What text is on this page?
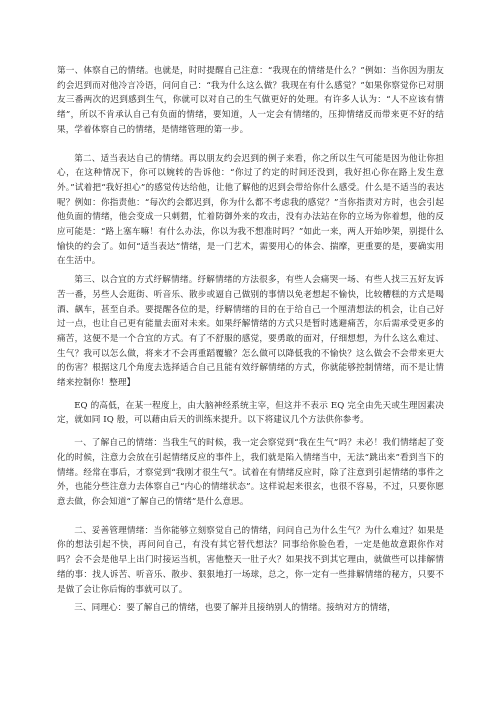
第一、体察自己的情绪。也就是，时时提醒自己注意：“我现在的情绪是什么？”例如：当你因为朋友约会迟到而对他冷言冷语，问问自己：“我为什么这么做？我现在有什么感觉？”如果你察觉你已对朋友三番两次的迟到感到生气，你就可以对自己的生气做更好的处理。有许多人认为：“人不应该有情绪”，所以不肯承认自己有负面的情绪，要知道，人一定会有情绪的，压抑情绪反而带来更不好的结果，学着体察自己的情绪，是情绪管理的第一步。

第二、适当表达自己的情绪。再以朋友约会迟到的例子来看，你之所以生气可能是因为他让你担心，在这种情况下，你可以婉转的告诉他：“你过了约定的时间还没到，我好担心你在路上发生意外。”试着把“我好担心”的感觉传达给他，让他了解他的迟到会带给你什么感受。什么是不适当的表达呢？例如：你指责他：“每次约会都迟到，你为什么都不考虑我的感觉？”当你指责对方时，也会引起他负面的情绪，他会变成一只刺猬，忙着防御外来的攻击，没有办法站在你的立场为你着想，他的反应可能是：“路上塞车嘛！有什么办法，你以为我不想准时吗？”如此一来，两人开始吵架，别提什么愉快的约会了。如何“适当表达”情绪，是一门艺术，需要用心的体会、揣摩，更重要的是，要确实用在生活中。

第三、以合宜的方式纾解情绪。纾解情绪的方法很多，有些人会痛哭一场、有些人找三五好友诉苦一番，另些人会逛街、听音乐、散步或逼自己做别的事情以免老想起不愉快，比较糟糕的方式是喝酒、飙车，甚至自杀。要提醒各位的是，纾解情绪的目的在于给自己一个厘清想法的机会，让自己好过一点，也让自己更有能量去面对未来。如果纾解情绪的方式只是暂时逃避痛苦，尔后需承受更多的痛苦，这便不是一个合宜的方式。有了不舒服的感觉，要勇敢的面对，仔细想想，为什么这么难过、生气？我可以怎么做，将来才不会再重蹈覆辙？怎么做可以降低我的不愉快？这么做会不会带来更大的伤害？根据这几个角度去选择适合自己且能有效纾解情绪的方式，你就能够控制情绪，而不是让情绪来控制你！整理】

EQ 的高低，在某一程度上，由大脑神经系统主宰，但这并不表示 EQ 完全由先天或生理因素决定，就如同 IQ 般，可以藉由后天的训练来提升。以下将建议几个方法供你参考。

一、了解自己的情绪：当我生气的时候，我一定会察觉到“我在生气”吗？未必！我们情绪起了变化的时候，注意力会放在引起情绪反应的事件上，我们就是陷入情绪当中，无法“跳出来”看到当下的情绪。经常在事后，才察觉到“我刚才很生气”。试着在有情绪反应时，除了注意到引起情绪的事件之外，也能分些注意力去体察自己“内心的情绪状态”。这样说起来很玄，也很不容易，不过，只要你愿意去做，你会知道“了解自己的情绪”是什么意思。

二、妥善管理情绪：当你能够立刻察觉自己的情绪，问问自己为什么生气？为什么难过？如果是你的想法引起不快，再问问自己，有没有其它替代想法？同事给你脸色看，一定是他故意跟你作对吗？会不会是他早上出门时接运当机，害他整天一肚子火？如果找不到其它理由，就做些可以排解情绪的事：找人诉苦、听音乐、散步、狠狠地打一场球，总之，你一定有一些排解情绪的秘方，只要不是做了会让你后悔的事就可以了。

三、同理心：要了解自己的情绪，也要了解并且接纳别人的情绪。接纳对方的情绪，
